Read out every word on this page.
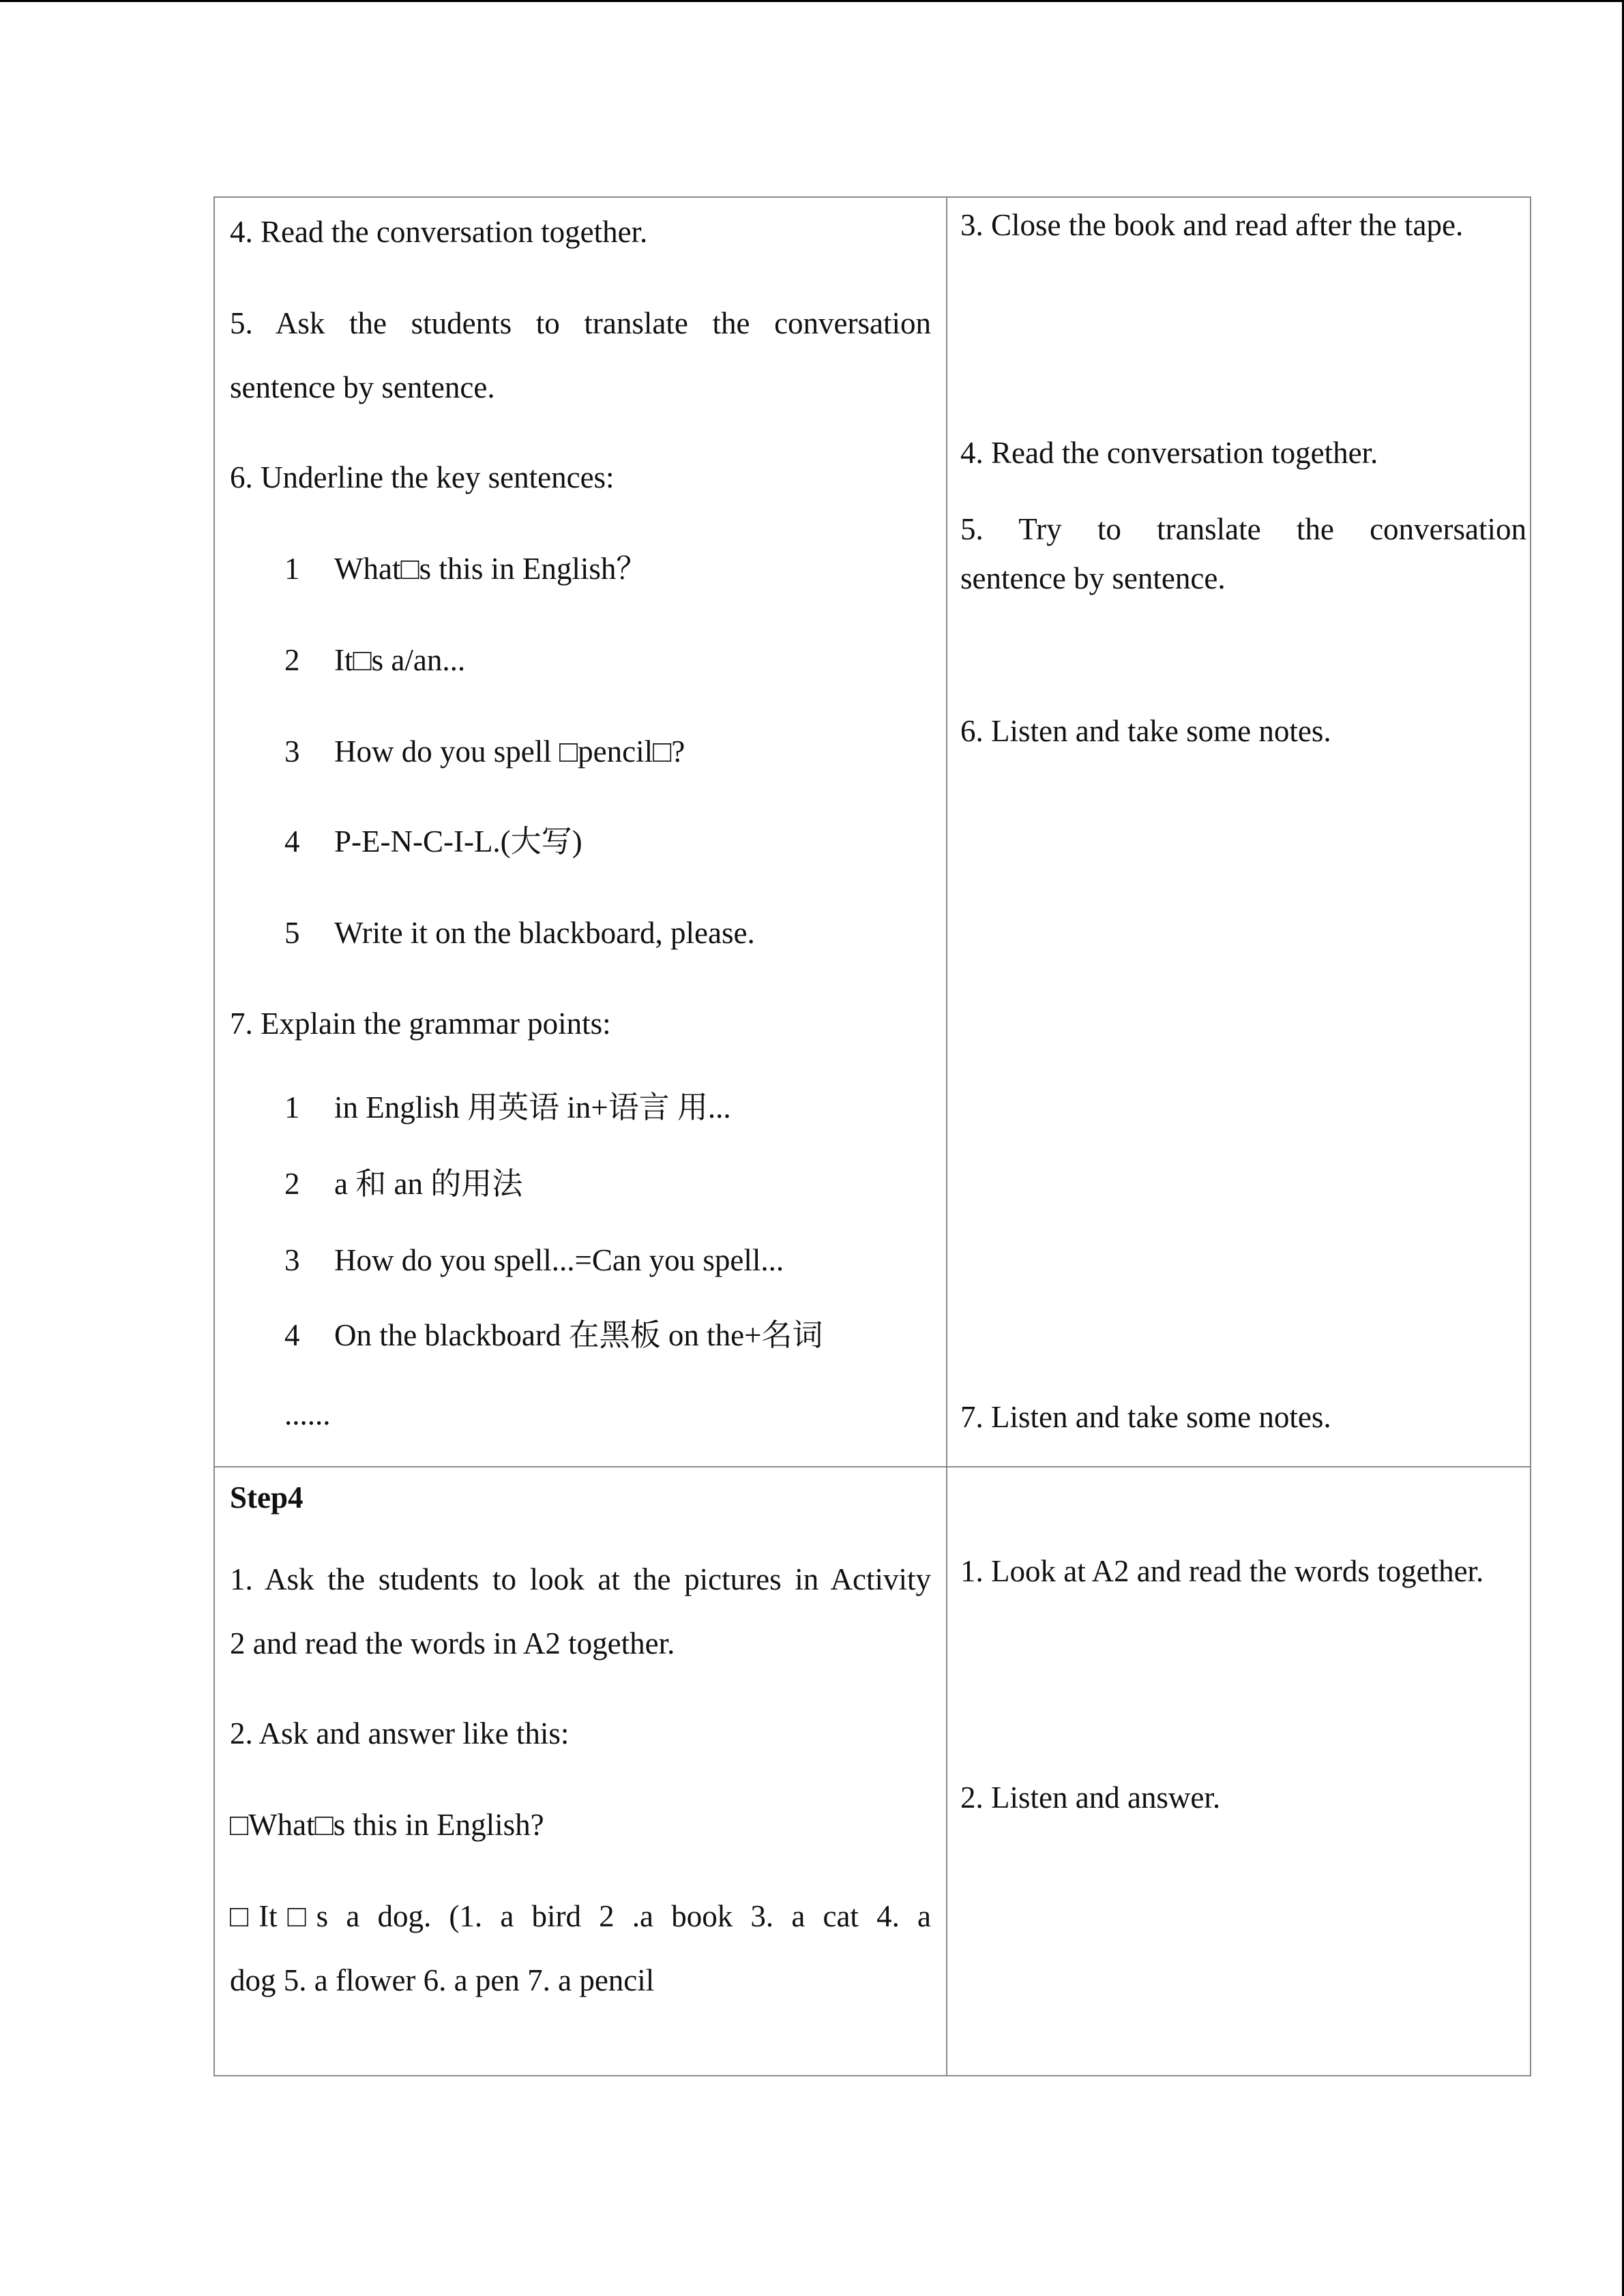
4. Read the conversation together.
5. Ask the students to translate the conversation
sentence by sentence.
6. Underline the key sentences:
1 What□s this in English？
2 It□s a/an...
3 How do you spell □pencil□?
4 P-E-N-C-I-L.(大写)
5 Write it on the blackboard, please.
7. Explain the grammar points:
1 in English 用英语 in+语言 用...
2 a 和 an 的用法
3 How do you spell...=Can you spell...
4 On the blackboard 在黑板 on the+名词
......
3. Close the book and read after the tape.
4. Read the conversation together.
5. Try to translate the conversation
sentence by sentence.
6. Listen and take some notes.
7. Listen and take some notes.
Step4
1. Ask the students to look at the pictures in Activity
2 and read the words in A2 together.
2. Ask and answer like this:
□What□s this in English?
□It□s a dog. (1. a bird 2 .a book 3. a cat 4. a
dog 5. a flower 6. a pen 7. a pencil
1. Look at A2 and read the words together.
2. Listen and answer.
